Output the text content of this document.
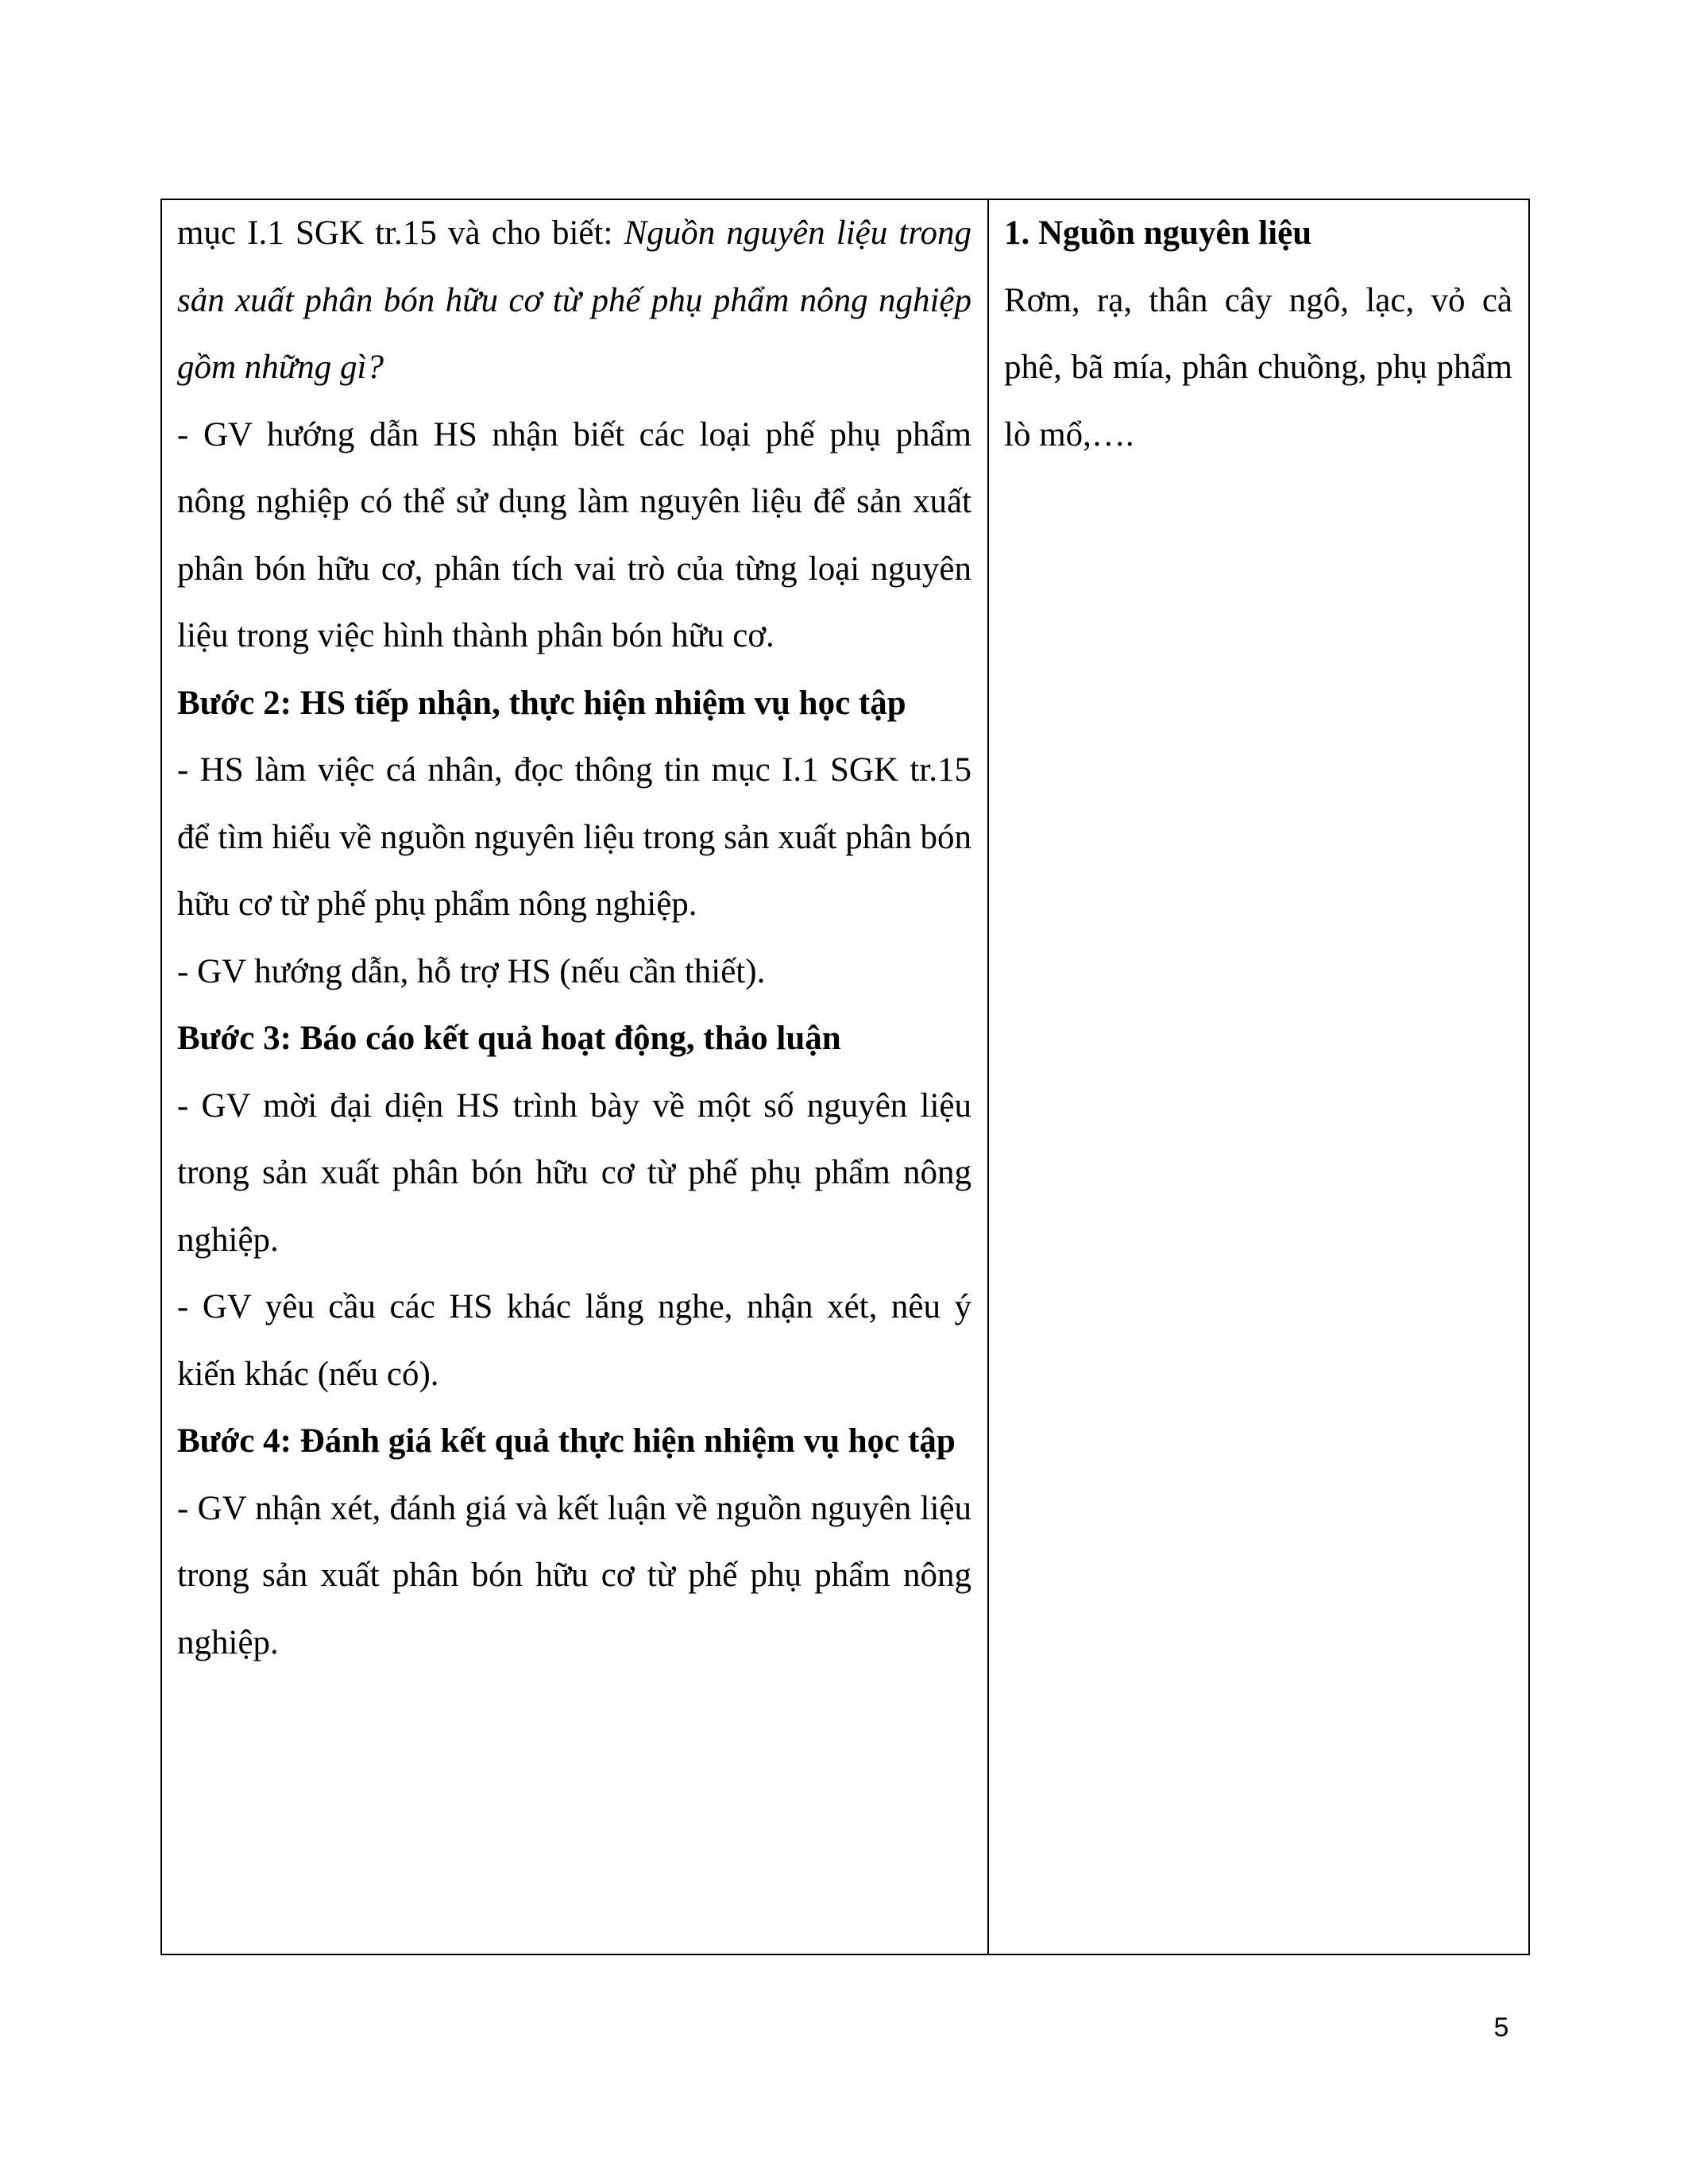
mục I.1 SGK tr.15 và cho biết: Nguồn nguyên liệu trong sản xuất phân bón hữu cơ từ phế phụ phẩm nông nghiệp gồm những gì?

- GV hướng dẫn HS nhận biết các loại phế phụ phẩm nông nghiệp có thể sử dụng làm nguyên liệu để sản xuất phân bón hữu cơ, phân tích vai trò của từng loại nguyên liệu trong việc hình thành phân bón hữu cơ.

Bước 2: HS tiếp nhận, thực hiện nhiệm vụ học tập

- HS làm việc cá nhân, đọc thông tin mục I.1 SGK tr.15 để tìm hiểu về nguồn nguyên liệu trong sản xuất phân bón hữu cơ từ phế phụ phẩm nông nghiệp.

- GV hướng dẫn, hỗ trợ HS (nếu cần thiết).

Bước 3: Báo cáo kết quả hoạt động, thảo luận

- GV mời đại diện HS trình bày về một số nguyên liệu trong sản xuất phân bón hữu cơ từ phế phụ phẩm nông nghiệp.

- GV yêu cầu các HS khác lắng nghe, nhận xét, nêu ý kiến khác (nếu có).

Bước 4: Đánh giá kết quả thực hiện nhiệm vụ học tập

- GV nhận xét, đánh giá và kết luận về nguồn nguyên liệu trong sản xuất phân bón hữu cơ từ phế phụ phẩm nông nghiệp.

1. Nguồn nguyên liệu

Rơm, rạ, thân cây ngô, lạc, vỏ cà phê, bã mía, phân chuồng, phụ phẩm lò mổ,….

5
